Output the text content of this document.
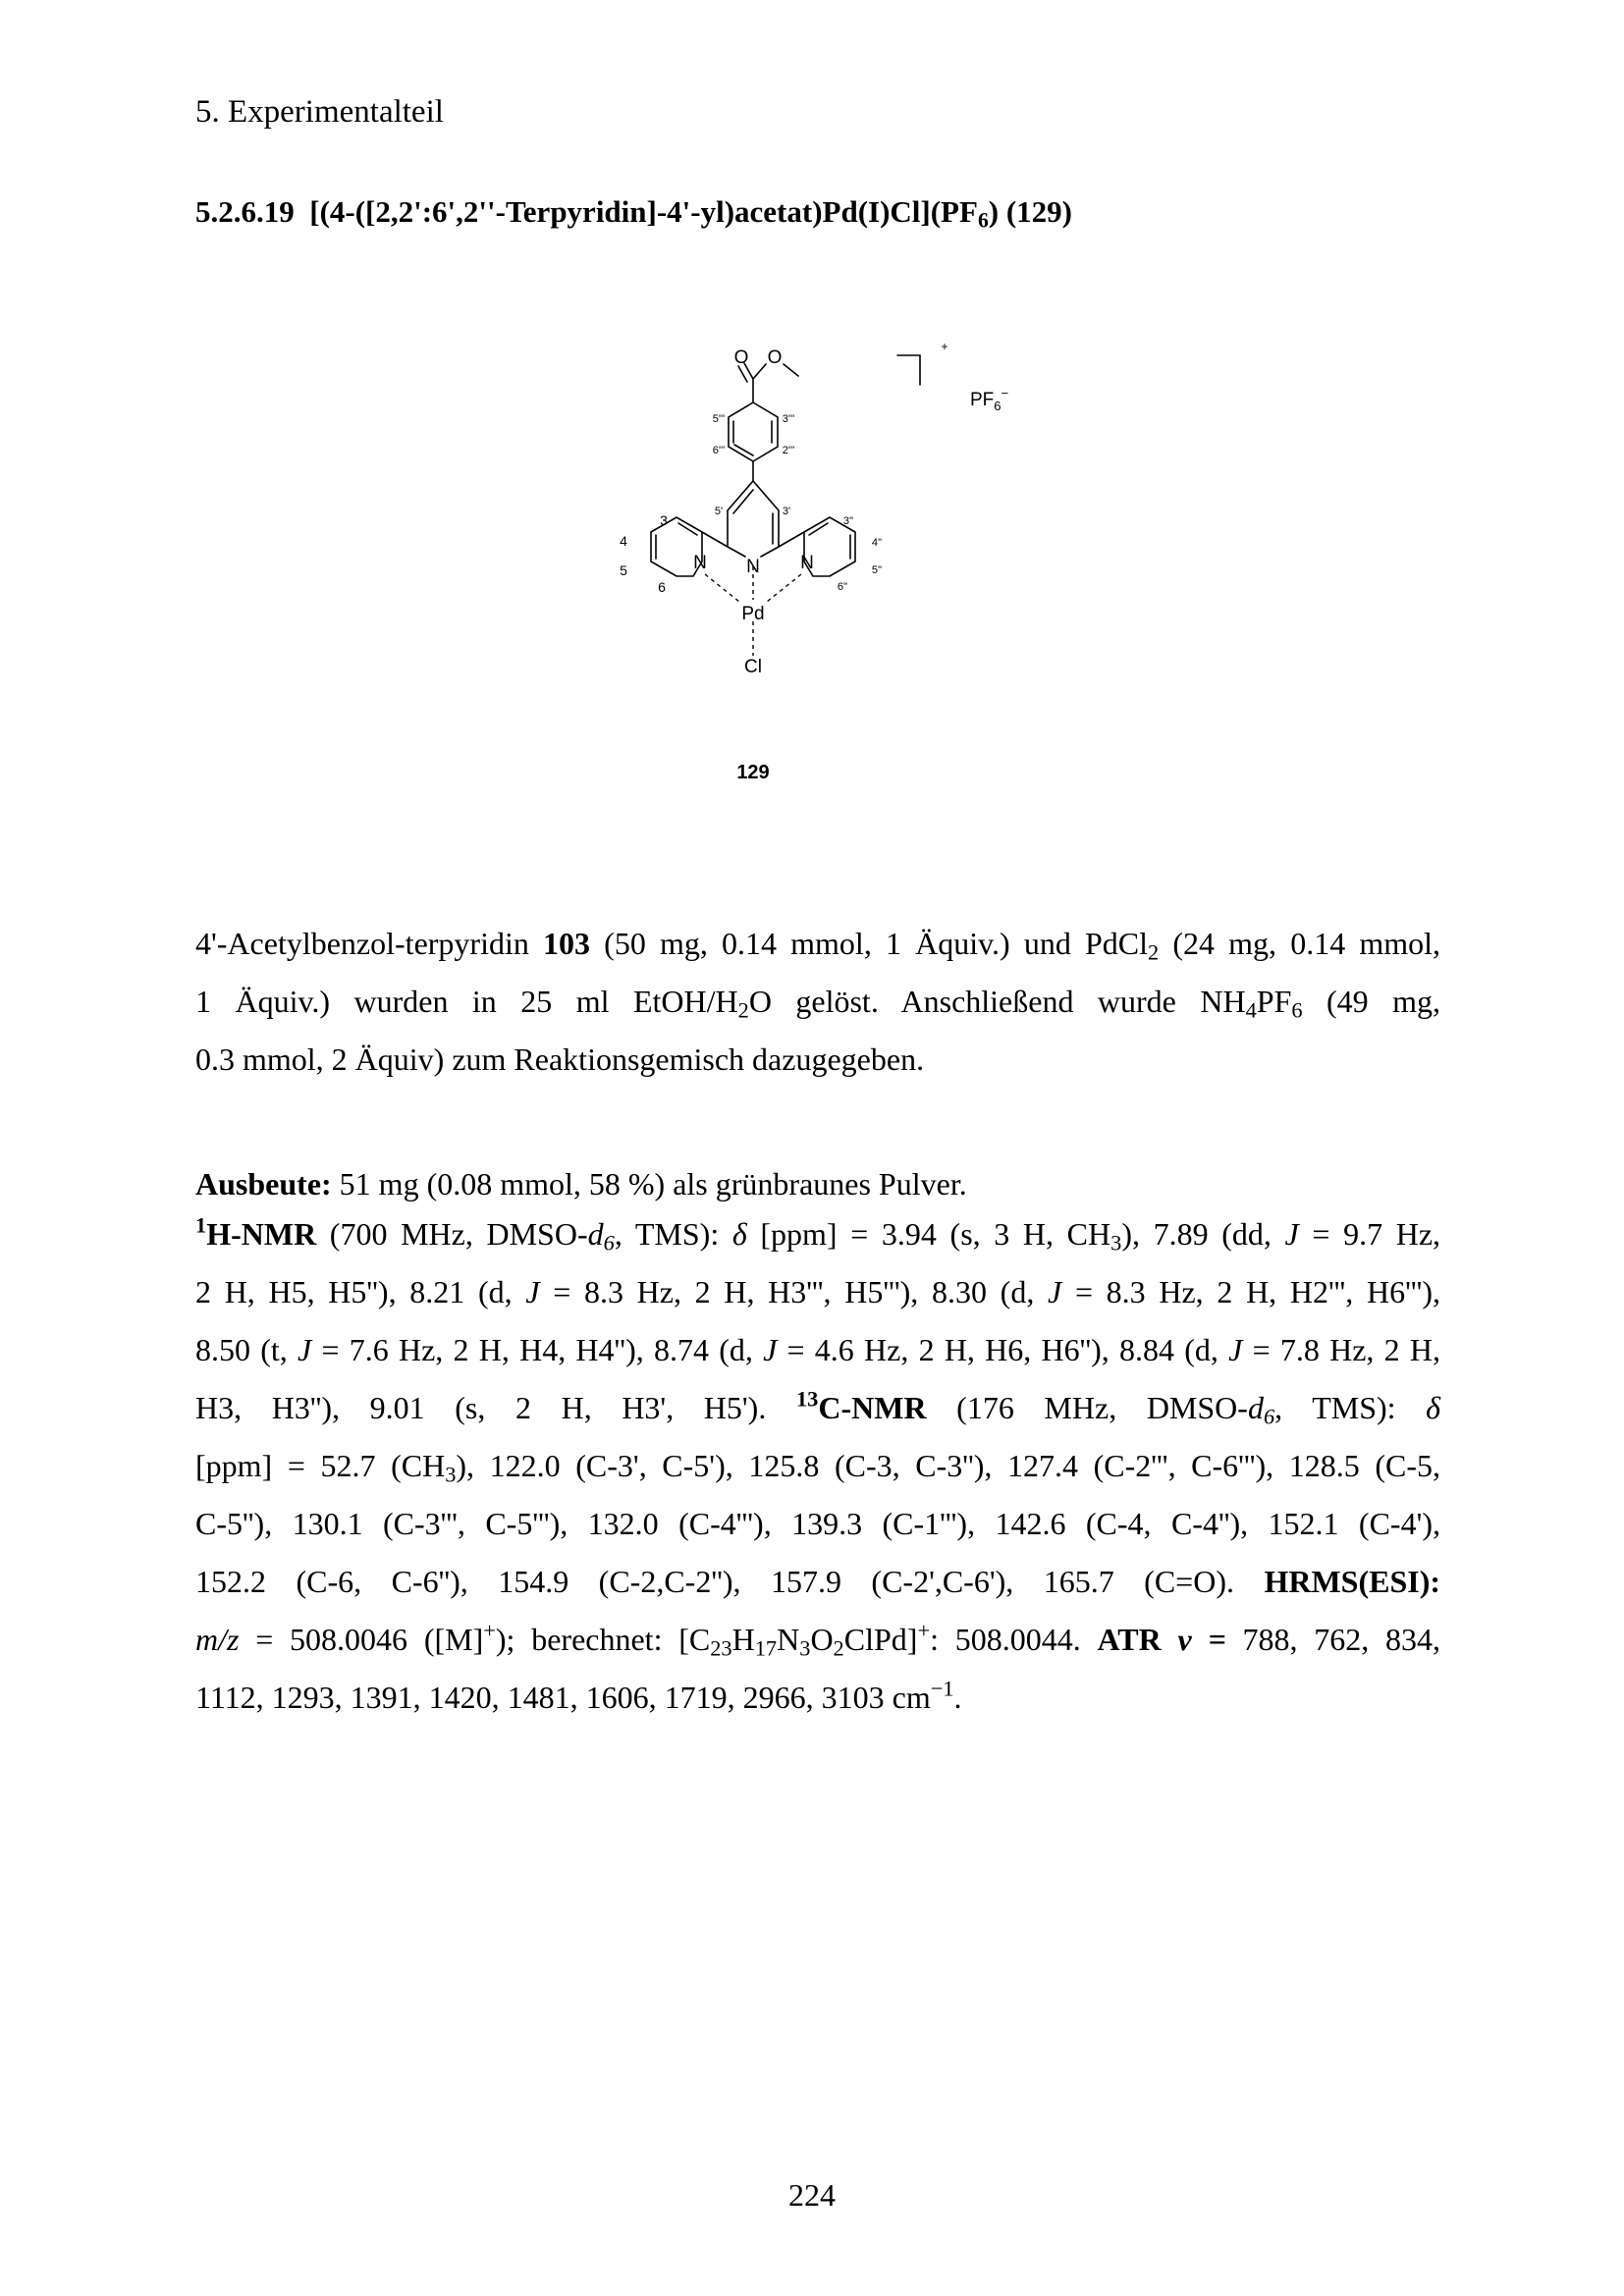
5. Experimentalteil
5.2.6.19 $[(4-([2,2':6',2''-Terpyridin]-4'-yl)acetat)Pd(I)Cl](PF_6)$ (129)
O O
N
N	N
Pd
Cl
5'''	3'''
6'''	2'''
5'	3'
3''
4''
5''
6''
3
4
5
6
+
$PF_6^-$
129
4'-Acetylbenzol-terpyridin 103 (50 mg, 0.14 mmol, 1 Äquiv.) und PdCl$_2$ (24 mg, 0.14 mmol,
1 Äquiv.) wurden in 25 ml EtOH/$H_2O$ gelöst. Anschließend wurde $NH_4PF_6$ (49 mg,
0.3 mmol, 2 Äquiv) zum Reaktionsgemisch dazugegeben.
Ausbeute: 51 mg (0.08 mmol, 58 %) als grünbraunes Pulver.
$^1$H-NMR (700 MHz, DMSO-$d_6$, TMS): δ [ppm] = 3.94 (s, 3 H, $CH_3$), 7.89 (dd, J = 9.7 Hz,
2 H, H5, H5''), 8.21 (d, J = 8.3 Hz, 2 H, H3''', H5'''), 8.30 (d, J = 8.3 Hz, 2 H, H2''', H6'''),
8.50 (t, J = 7.6 Hz, 2 H, H4, H4''), 8.74 (d, J = 4.6 Hz, 2 H, H6, H6''), 8.84 (d, J = 7.8 Hz, 2 H,
H3, H3''), 9.01 (s, 2 H, H3', H5'). $^{13}$C-NMR (176 MHz, DMSO-$d_6$, TMS): δ
[ppm] = 52.7 $(CH_3)$, 122.0 (C-3', C-5'), 125.8 (C-3, C-3''), 127.4 (C-2''', C-6'''), 128.5 (C-5,
C-5''), 130.1 (C-3''', C-5'''), 132.0 (C-4'''), 139.3 (C-1'''), 142.6 (C-4, C-4''), 152.1 (C-4'),
152.2 (C-6, C-6''), 154.9 (C-2,C-2''), 157.9 (C-2',C-6'), 165.7 (C=O). HRMS(ESI):
m/z = 508.0046 ([M]+); berechnet: $[C_{23}H_{17}N_3O_2ClPd]^+$: 508.0044. ATR ν = 788, 762, 834,
1112, 1293, 1391, 1420, 1481, 1606, 1719, 2966, 3103 $cm^{-1}$.
224
